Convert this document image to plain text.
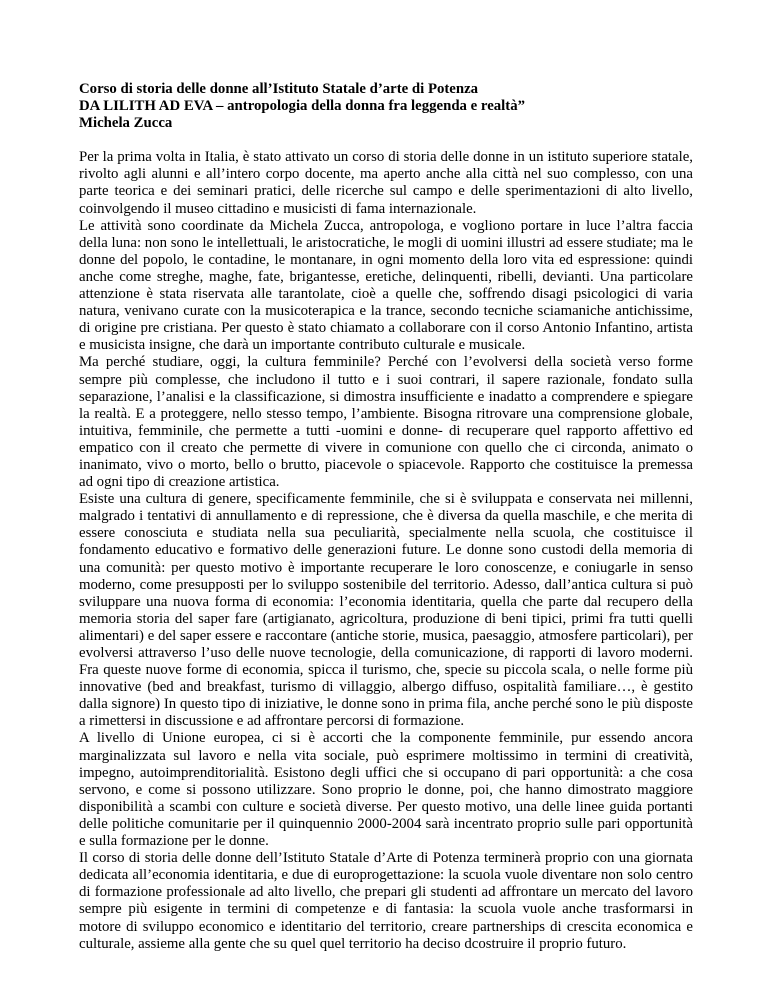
Corso di storia delle donne all’Istituto Statale d’arte di Potenza

DA LILITH AD EVA – antropologia della donna fra leggenda e realtà”

Michela Zucca

Per la prima volta in Italia, è stato attivato un corso di storia delle donne in un istituto superiore statale, rivolto agli alunni e all’intero corpo docente, ma aperto anche alla città nel suo complesso, con una parte teorica e dei seminari pratici, delle ricerche sul campo e delle sperimentazioni di alto livello, coinvolgendo il museo cittadino e musicisti di fama internazionale.

Le attività sono coordinate da Michela Zucca, antropologa, e vogliono portare in luce l’altra faccia della luna: non sono le intellettuali, le aristocratiche, le mogli di uomini illustri ad essere studiate; ma le donne del popolo, le contadine, le montanare, in ogni momento della loro vita ed espressione: quindi anche come streghe, maghe, fate, brigantesse, eretiche, delinquenti, ribelli, devianti. Una particolare attenzione è stata riservata alle tarantolate, cioè a quelle che, soffrendo disagi psicologici di varia natura, venivano curate con la musicoterapica e la trance, secondo tecniche sciamaniche antichissime, di origine pre cristiana. Per questo è stato chiamato a collaborare con il corso Antonio Infantino, artista e musicista insigne, che darà un importante contributo culturale e musicale.

Ma perché studiare, oggi, la cultura femminile? Perché con l’evolversi della società verso forme sempre più complesse, che includono il tutto e i suoi contrari, il sapere razionale, fondato sulla separazione, l’analisi e la classificazione, si dimostra insufficiente e inadatto a comprendere e spiegare la realtà. E a proteggere, nello stesso tempo, l’ambiente. Bisogna ritrovare una comprensione globale, intuitiva, femminile, che permette a tutti -uomini e donne- di recuperare quel rapporto affettivo ed empatico con il creato che permette di vivere in comunione con quello che ci circonda, animato o inanimato, vivo o morto, bello o brutto, piacevole o spiacevole. Rapporto che costituisce la premessa ad ogni tipo di creazione artistica.

Esiste una cultura di genere, specificamente femminile, che si è sviluppata e conservata nei millenni, malgrado i tentativi di annullamento e di repressione, che è diversa da quella maschile, e che merita di essere conosciuta e studiata nella sua peculiarità, specialmente nella scuola, che costituisce il fondamento educativo e formativo delle generazioni future. Le donne sono custodi della memoria di una comunità: per questo motivo è importante recuperare le loro conoscenze, e coniugarle in senso moderno, come presupposti per lo sviluppo sostenibile del territorio. Adesso, dall’antica cultura si può sviluppare una nuova forma di economia: l’economia identitaria, quella che parte dal recupero della memoria storia del saper fare (artigianato, agricoltura, produzione di beni tipici, primi fra tutti quelli alimentari) e del saper essere e raccontare (antiche storie, musica, paesaggio, atmosfere particolari), per evolversi attraverso l’uso delle nuove tecnologie, della comunicazione, di rapporti di lavoro moderni. Fra queste nuove forme di economia, spicca il turismo, che, specie su piccola scala, o nelle forme più innovative (bed and breakfast, turismo di villaggio, albergo diffuso, ospitalità familiare…, è gestito dalla signore) In questo tipo di iniziative, le donne sono in prima fila, anche perché sono le più disposte a rimettersi in discussione e ad affrontare percorsi di formazione.

A livello di Unione europea, ci si è accorti che la componente femminile, pur essendo ancora marginalizzata sul lavoro e nella vita sociale, può esprimere moltissimo in termini di creatività, impegno, autoimprenditorialità. Esistono degli uffici che si occupano di pari opportunità: a che cosa servono, e come si possono utilizzare. Sono proprio le donne, poi, che hanno dimostrato maggiore disponibilità a scambi con culture e società diverse. Per questo motivo, una delle linee guida portanti delle politiche comunitarie per il quinquennio 2000-2004 sarà incentrato proprio sulle pari opportunità e sulla formazione per le donne.

Il corso di storia delle donne dell’Istituto Statale d’Arte di Potenza terminerà proprio con una giornata dedicata all’economia identitaria, e due di europrogettazione: la scuola vuole diventare non solo centro di formazione professionale ad alto livello, che prepari gli studenti ad affrontare un mercato del lavoro sempre più esigente in termini di competenze e di fantasia: la scuola vuole anche trasformarsi in motore di sviluppo economico e identitario del territorio, creare partnerships di crescita economica e culturale, assieme alla gente che su quel quel territorio ha deciso dcostruire il proprio futuro.
